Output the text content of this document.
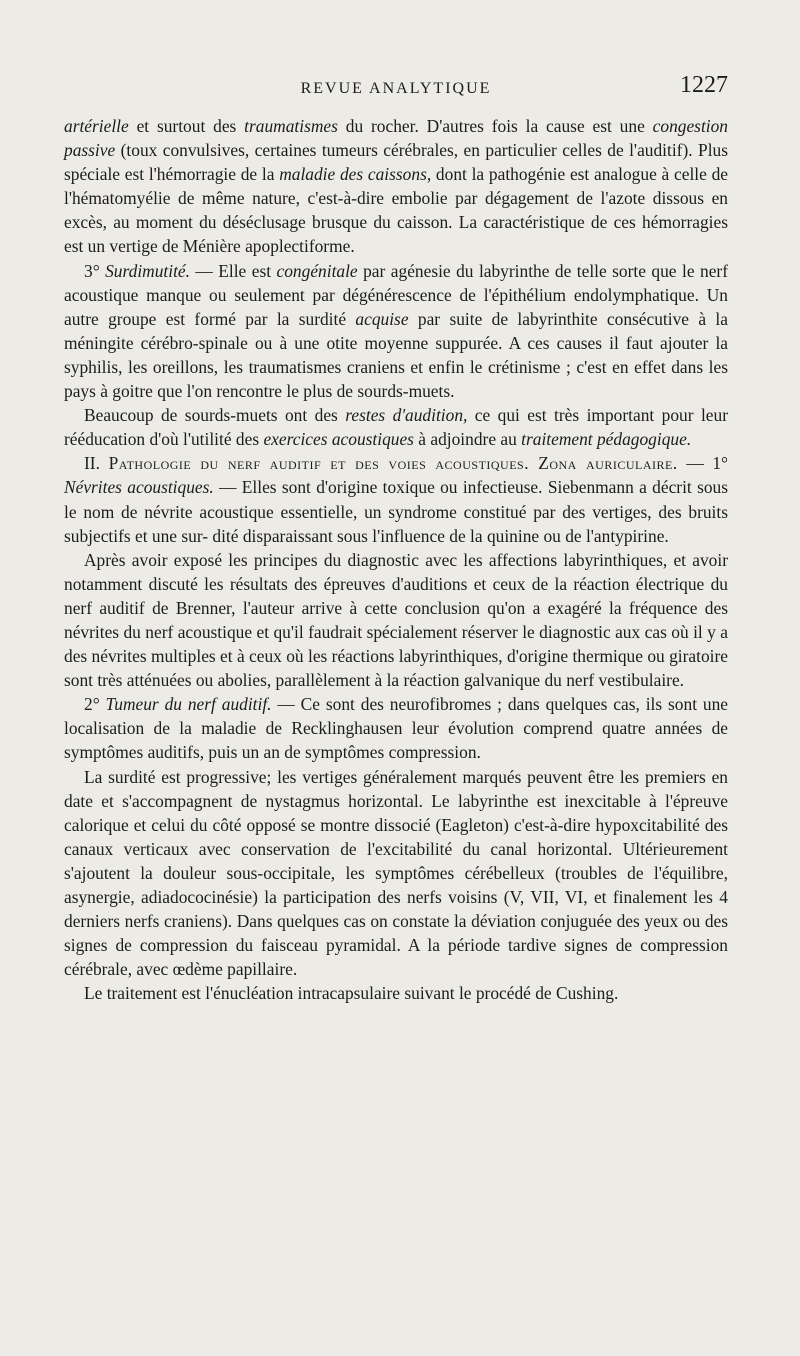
REVUE ANALYTIQUE	1227

artérielle et surtout des traumatismes du rocher. D'autres fois la cause est une congestion passive (toux convulsives, certaines tumeurs cérébrales, en particulier celles de l'auditif). Plus spéciale est l'hémorragie de la maladie des caissons, dont la pathogénie est analogue à celle de l'hématomyélie de même nature, c'est-à-dire embolie par dégagement de l'azote dissous en excès, au moment du déséclusage brusque du caisson. La caractéristique de ces hémorragies est un vertige de Ménière apoplectiforme.

3° Surdimutité. — Elle est congénitale par agénesie du labyrinthe de telle sorte que le nerf acoustique manque ou seulement par dégénérescence de l'épithélium endolymphatique. Un autre groupe est formé par la surdité acquise par suite de labyrinthite consécutive à la méningite cérébro-spinale ou à une otite moyenne suppurée. A ces causes il faut ajouter la syphilis, les oreillons, les traumatismes craniens et enfin le crétinisme ; c'est en effet dans les pays à goitre que l'on rencontre le plus de sourds-muets.

Beaucoup de sourds-muets ont des restes d'audition, ce qui est très important pour leur rééducation d'où l'utilité des exercices acoustiques à adjoindre au traitement pédagogique.

II. Pathologie du nerf auditif et des voies acoustiques. Zona auriculaire. — 1° Névrites acoustiques. — Elles sont d'origine toxique ou infectieuse. Siebenmann a décrit sous le nom de névrite acoustique essentielle, un syndrome constitué par des vertiges, des bruits subjectifs et une sur- dité disparaissant sous l'influence de la quinine ou de l'antypirine.

Après avoir exposé les principes du diagnostic avec les affections labyrinthiques, et avoir notamment discuté les résultats des épreuves d'auditions et ceux de la réaction électrique du nerf auditif de Brenner, l'auteur arrive à cette conclusion qu'on a exagéré la fréquence des névrites du nerf acoustique et qu'il faudrait spécialement réserver le diagnostic aux cas où il y a des névrites multiples et à ceux où les réactions labyrinthiques, d'origine thermique ou giratoire sont très atténuées ou abolies, parallèlement à la réaction galvanique du nerf vestibulaire.

2° Tumeur du nerf auditif. — Ce sont des neurofibromes ; dans quelques cas, ils sont une localisation de la maladie de Recklinghausen leur évolution comprend quatre années de symptômes auditifs, puis un an de symptômes compression.

La surdité est progressive; les vertiges généralement marqués peuvent être les premiers en date et s'accompagnent de nystagmus horizontal. Le labyrinthe est inexcitable à l'épreuve calorique et celui du côté opposé se montre dissocié (Eagleton) c'est-à-dire hypoxcitabilité des canaux verticaux avec conservation de l'excitabilité du canal horizontal. Ultérieurement s'ajoutent la douleur sous-occipitale, les symptômes cérébelleux (troubles de l'équilibre, asynergie, adiadococinésie) la participation des nerfs voisins (V, VII, VI, et finalement les 4 derniers nerfs craniens). Dans quelques cas on constate la déviation conjuguée des yeux ou des signes de compression du faisceau pyramidal. A la période tardive signes de compression cérébrale, avec œdème papillaire.

Le traitement est l'énucléation intracapsulaire suivant le procédé de Cushing.
